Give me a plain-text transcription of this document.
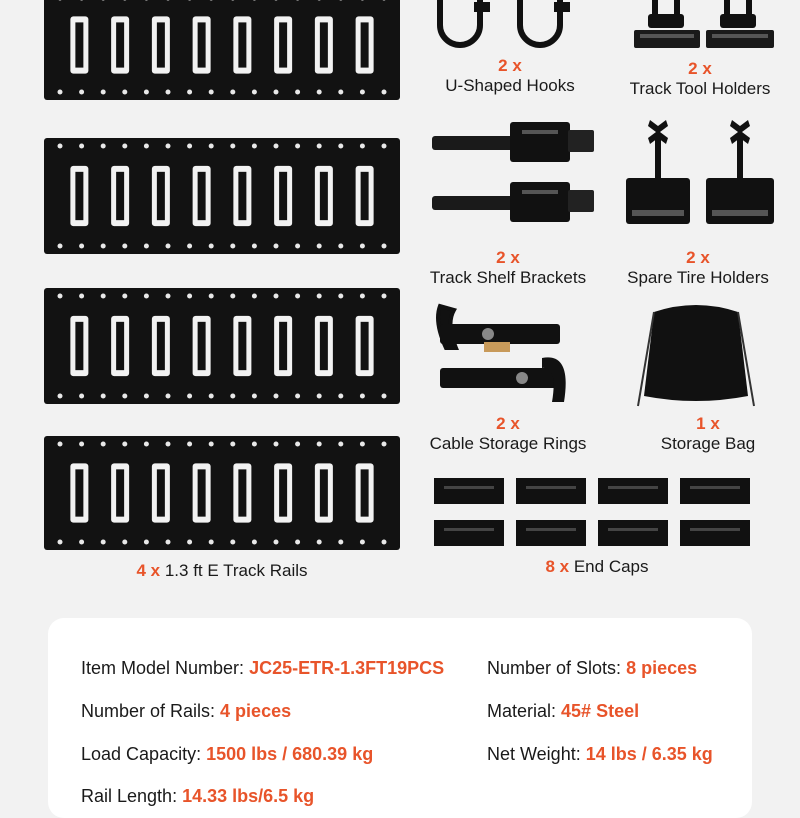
4 x 1.3 ft E Track Rails
2 x
U-Shaped Hooks
2 x
Track Tool Holders
2 x
Track Shelf Brackets
2 x
Spare Tire Holders
2 x
Cable Storage Rings
1 x
Storage Bag
8 x End Caps
Item Model Number: JC25-ETR-1.3FT19PCS Number of Slots: 8 pieces
Number of Rails: 4 pieces	Material: 45# Steel
Load Capacity: 1500 lbs / 680.39 kg	Net Weight: 14 lbs / 6.35 kg
Rail Length: 14.33 lbs/6.5 kg
